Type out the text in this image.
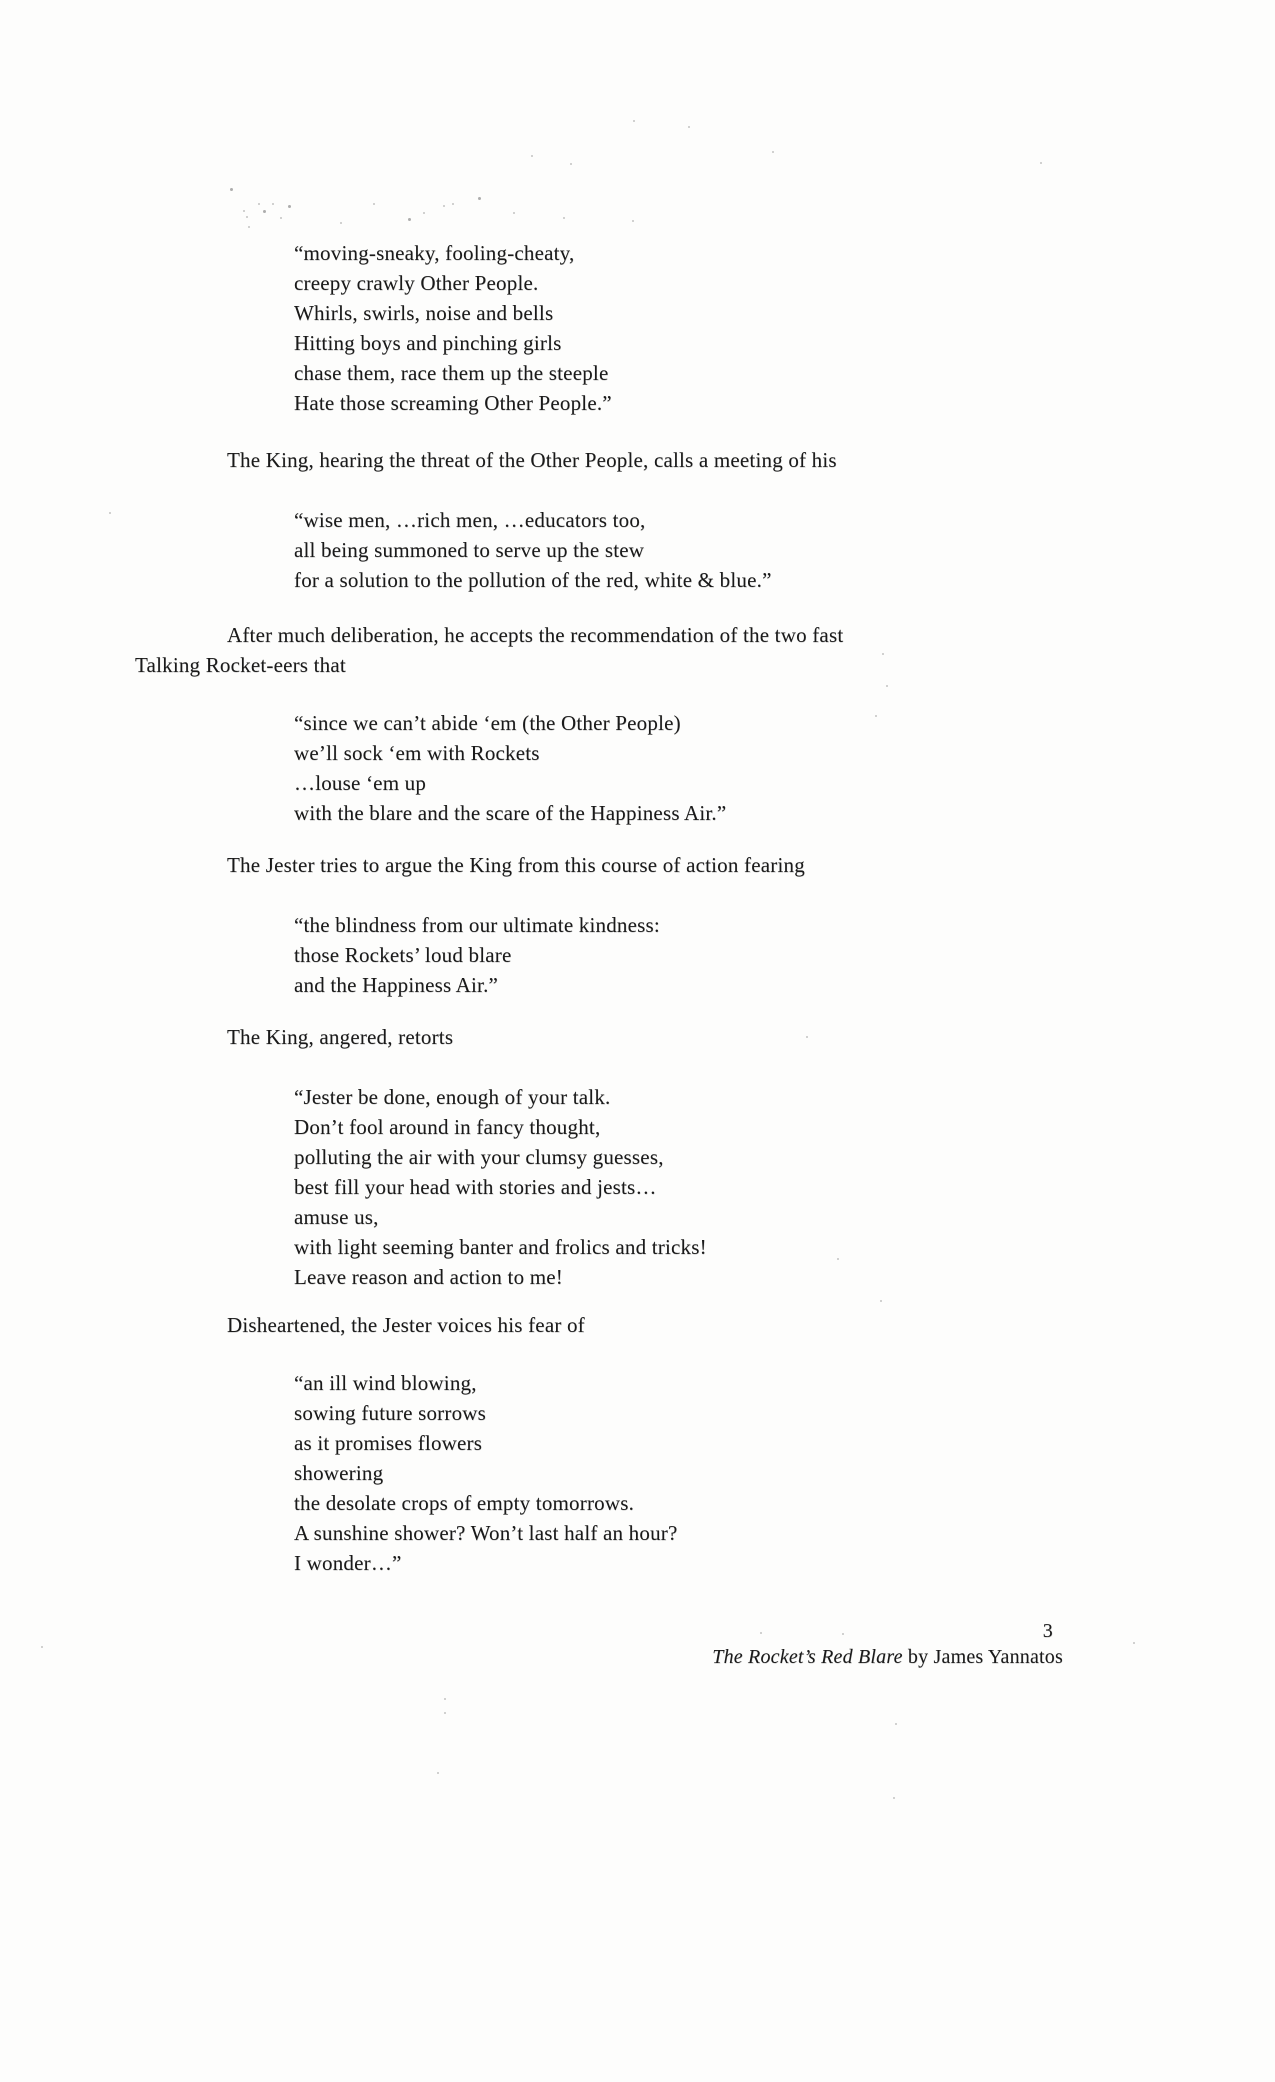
“moving-sneaky, fooling-cheaty,
creepy crawly Other People.
Whirls, swirls, noise and bells
Hitting boys and pinching girls
chase them, race them up the steeple
Hate those screaming Other People.”
The King, hearing the threat of the Other People, calls a meeting of his
“wise men, …rich men, …educators too,
all being summoned to serve up the stew
for a solution to the pollution of the red, white & blue.”
After much deliberation, he accepts the recommendation of the two fast
Talking Rocket-eers that
“since we can’t abide ‘em (the Other People)
we’ll sock ‘em with Rockets
…louse ‘em up
with the blare and the scare of the Happiness Air.”
The Jester tries to argue the King from this course of action fearing
“the blindness from our ultimate kindness:
those Rockets’ loud blare
and the Happiness Air.”
The King, angered, retorts
“Jester be done, enough of your talk.
Don’t fool around in fancy thought,
polluting the air with your clumsy guesses,
best fill your head with stories and jests…
amuse us,
with light seeming banter and frolics and tricks!
Leave reason and action to me!
Disheartened, the Jester voices his fear of
“an ill wind blowing,
sowing future sorrows
as it promises flowers
showering
the desolate crops of empty tomorrows.
A sunshine shower? Won’t last half an hour?
I wonder…”
3
The Rocket’s Red Blare by James Yannatos
